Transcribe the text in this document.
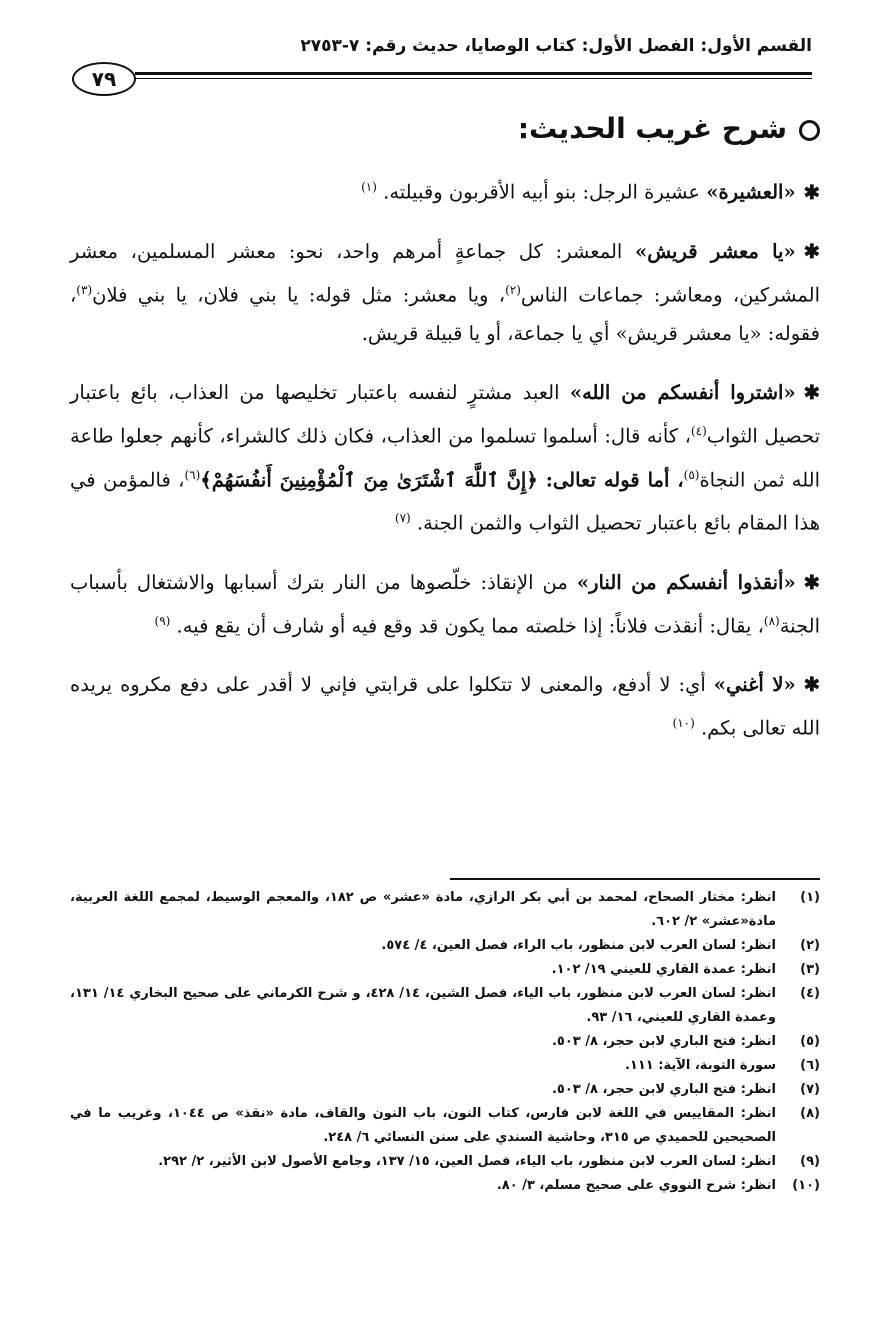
القسم الأول: الفصل الأول: كتاب الوصايا، حديث رقم: ٧-٢٧٥٣
٧٩
شرح غريب الحديث:

✱«العشيرة» عشيرة الرجل: بنو أبيه الأقربون وقبيلته. $^{(١)}$

✱«يا معشر قريش» المعشر: كل جماعةٍ أمرهم واحد، نحو: معشر المسلمين، معشر المشركين، ومعاشر: جماعات الناس$^{(٢)}$، ويا معشر: مثل قوله: يا بني فلان، يا بني فلان$^{(٣)}$، فقوله: «يا معشر قريش» أي يا جماعة، أو يا قبيلة قريش.

✱«اشتروا أنفسكم من الله» العبد مشترٍ لنفسه باعتبار تخليصها من العذاب، بائع باعتبار تحصيل الثواب$^{(٤)}$، كأنه قال: أسلموا تسلموا من العذاب، فكان ذلك كالشراء، كأنهم جعلوا طاعة الله ثمن النجاة$^{(٥)}$، أما قوله تعالى: ﴿إِنَّ ٱللَّهَ ٱشْتَرَىٰ مِنَ ٱلْمُؤْمِنِينَ أَنفُسَهُمْ﴾$^{(٦)}$، فالمؤمن في هذا المقام بائع باعتبار تحصيل الثواب والثمن الجنة. $^{(٧)}$

✱«أنقذوا أنفسكم من النار» من الإنقاذ: خلّصوها من النار بترك أسبابها والاشتغال بأسباب الجنة$^{(٨)}$، يقال: أنقذت فلاناً: إذا خلصته مما يكون قد وقع فيه أو شارف أن يقع فيه. $^{(٩)}$

✱«لا أغني» أي: لا أدفع، والمعنى لا تتكلوا على قرابتي فإني لا أقدر على دفع مكروه يريده الله تعالى بكم. $^{(١٠)}$

(١)
انظر: مختار الصحاح، لمحمد بن أبي بكر الرازي، مادة «عشر» ص ١٨٢، والمعجم الوسيط، لمجمع اللغة العربية، مادة«عشر» ٢/ ٦٠٢.
(٢)
انظر: لسان العرب لابن منظور، باب الراء، فصل العين، ٤/ ٥٧٤.
(٣)
انظر: عمدة القاري للعيني ١٩/ ١٠٢.
(٤)
انظر: لسان العرب لابن منظور، باب الياء، فصل الشين، ١٤/ ٤٢٨، و شرح الكرماني على صحيح البخاري ١٤/ ١٣١، وعمدة القاري للعيني، ١٦/ ٩٣.
(٥)
انظر: فتح الباري لابن حجر، ٨/ ٥٠٣.
(٦)
سورة التوبة، الآية: ١١١.
(٧)
انظر: فتح الباري لابن حجر، ٨/ ٥٠٣.
(٨)
انظر: المقاييس في اللغة لابن فارس، كتاب النون، باب النون والقاف، مادة «نقذ» ص ١٠٤٤، وغريب ما في الصحيحين للحميدي ص ٣١٥، وحاشية السندي على سنن النسائي ٦/ ٢٤٨.
(٩)
انظر: لسان العرب لابن منظور، باب الياء، فصل العين، ١٥/ ١٣٧، وجامع الأصول لابن الأثير، ٢/ ٢٩٢.
(١٠)
انظر: شرح النووي على صحيح مسلم، ٣/ ٨٠.
